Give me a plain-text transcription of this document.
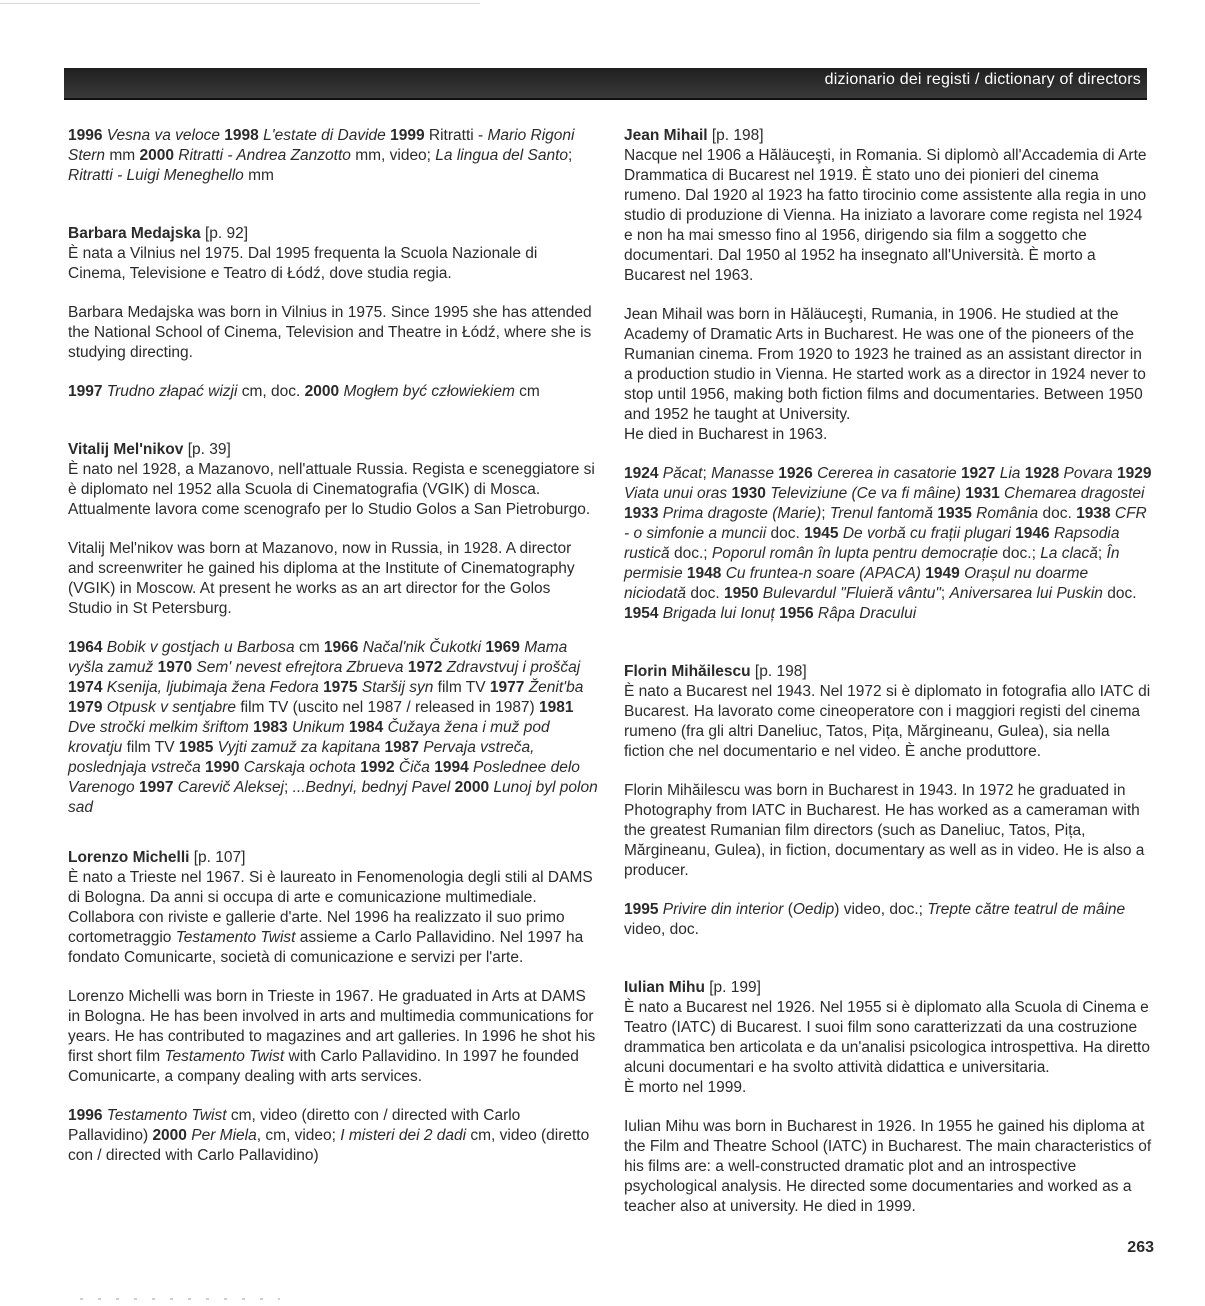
dizionario dei registi / dictionary of directors

1996 Vesna va veloce 1998 L'estate di Davide 1999 Ritratti - Mario Rigoni Stern mm 2000 Ritratti - Andrea Zanzotto mm, video; La lingua del Santo; Ritratti - Luigi Meneghello mm

Barbara Medajska [p. 92]

È nata a Vilnius nel 1975. Dal 1995 frequenta la Scuola Nazionale di Cinema, Televisione e Teatro di Łódź, dove studia regia.

Barbara Medajska was born in Vilnius in 1975. Since 1995 she has attended the National School of Cinema, Television and Theatre in Łódź, where she is studying directing.

1997 Trudno złapać wizji cm, doc. 2000 Mogłem być człowiekiem cm

Vitalij Mel'nikov [p. 39]

È nato nel 1928, a Mazanovo, nell'attuale Russia. Regista e sceneggiatore si è diplomato nel 1952 alla Scuola di Cinematografia (VGIK) di Mosca. Attualmente lavora come scenografo per lo Studio Golos a San Pietroburgo.

Vitalij Mel'nikov was born at Mazanovo, now in Russia, in 1928. A director and screenwriter he gained his diploma at the Institute of Cinematography (VGIK) in Moscow. At present he works as an art director for the Golos Studio in St Petersburg.

1964 Bobik v gostjach u Barbosa cm 1966 Načal'nik Čukotki 1969 Mama vyšla zamuž 1970 Sem' nevest efrejtora Zbrueva 1972 Zdravstvuj i proščaj 1974 Ksenija, ljubimaja žena Fedora 1975 Staršij syn film TV 1977 Ženit'ba 1979 Otpusk v sentjabre film TV (uscito nel 1987 / released in 1987) 1981 Dve stročki melkim šriftom 1983 Unikum 1984 Čužaya žena i muž pod krovatju film TV 1985 Vyjti zamuž za kapitana 1987 Pervaja vstreča, poslednjaja vstreča 1990 Carskaja ochota 1992 Čiča 1994 Poslednee delo Varenogo 1997 Carevič Aleksej; ...Bednyi, bednyj Pavel 2000 Lunoj byl polon sad

Lorenzo Michelli [p. 107]

È nato a Trieste nel 1967. Si è laureato in Fenomenologia degli stili al DAMS di Bologna. Da anni si occupa di arte e comunicazione multimediale. Collabora con riviste e gallerie d'arte. Nel 1996 ha realizzato il suo primo cortometraggio Testamento Twist assieme a Carlo Pallavidino. Nel 1997 ha fondato Comunicarte, società di comunicazione e servizi per l'arte.

Lorenzo Michelli was born in Trieste in 1967. He graduated in Arts at DAMS in Bologna. He has been involved in arts and multimedia communications for years. He has contributed to magazines and art galleries. In 1996 he shot his first short film Testamento Twist with Carlo Pallavidino. In 1997 he founded Comunicarte, a company dealing with arts services.

1996 Testamento Twist cm, video (diretto con / directed with Carlo Pallavidino) 2000 Per Miela, cm, video; I misteri dei 2 dadi cm, video (diretto con / directed with Carlo Pallavidino)

Jean Mihail [p. 198]

Nacque nel 1906 a Hăläuceşti, in Romania. Si diplomò all'Accademia di Arte Drammatica di Bucarest nel 1919. È stato uno dei pionieri del cinema rumeno. Dal 1920 al 1923 ha fatto tirocinio come assistente alla regia in uno studio di produzione di Vienna. Ha iniziato a lavorare come regista nel 1924 e non ha mai smesso fino al 1956, dirigendo sia film a soggetto che documentari. Dal 1950 al 1952 ha insegnato all'Università. È morto a Bucarest nel 1963.

Jean Mihail was born in Hăläuceşti, Rumania, in 1906. He studied at the Academy of Dramatic Arts in Bucharest. He was one of the pioneers of the Rumanian cinema. From 1920 to 1923 he trained as an assistant director in a production studio in Vienna. He started work as a director in 1924 never to stop until 1956, making both fiction films and documentaries. Between 1950 and 1952 he taught at University.

He died in Bucharest in 1963.

1924 Păcat; Manasse 1926 Cererea in casatorie 1927 Lia 1928 Povara 1929 Viata unui oras 1930 Televiziune (Ce va fi mâine) 1931 Chemarea dragostei 1933 Prima dragoste (Marie); Trenul fantomă 1935 România doc. 1938 CFR - o simfonie a muncii doc. 1945 De vorbă cu frații plugari 1946 Rapsodia rustică doc.; Poporul român în lupta pentru democrație doc.; La clacă; În permisie 1948 Cu fruntea-n soare (APACA) 1949 Orașul nu doarme niciodată doc. 1950 Bulevardul "Fluieră vântu"; Aniversarea lui Puskin doc. 1954 Brigada lui Ionuț 1956 Râpa Dracului

Florin Mihăilescu [p. 198]

È nato a Bucarest nel 1943. Nel 1972 si è diplomato in fotografia allo IATC di Bucarest. Ha lavorato come cineoperatore con i maggiori registi del cinema rumeno (fra gli altri Daneliuc, Tatos, Pița, Mărgineanu, Gulea), sia nella fiction che nel documentario e nel video. È anche produttore.

Florin Mihăilescu was born in Bucharest in 1943. In 1972 he graduated in Photography from IATC in Bucharest. He has worked as a cameraman with the greatest Rumanian film directors (such as Daneliuc, Tatos, Pița, Mărgineanu, Gulea), in fiction, documentary as well as in video. He is also a producer.

1995 Privire din interior (Oedip) video, doc.; Trepte către teatrul de mâine video, doc.

Iulian Mihu [p. 199]

È nato a Bucarest nel 1926. Nel 1955 si è diplomato alla Scuola di Cinema e Teatro (IATC) di Bucarest. I suoi film sono caratterizzati da una costruzione drammatica ben articolata e da un'analisi psicologica introspettiva. Ha diretto alcuni documentari e ha svolto attività didattica e universitaria.

È morto nel 1999.

Iulian Mihu was born in Bucharest in 1926. In 1955 he gained his diploma at the Film and Theatre School (IATC) in Bucharest. The main characteristics of his films are: a well-constructed dramatic plot and an introspective psychological analysis. He directed some documentaries and worked as a teacher also at university. He died in 1999.

263
